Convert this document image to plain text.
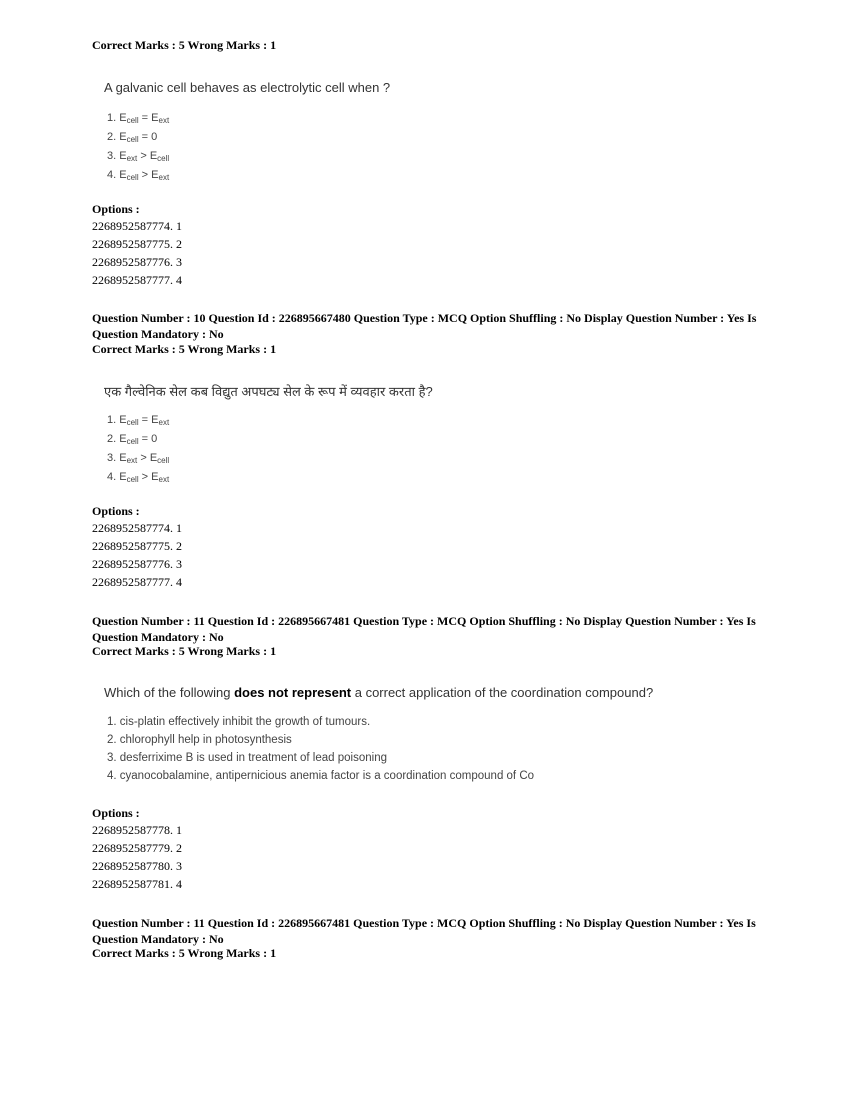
Correct Marks : 5 Wrong Marks : 1
A galvanic cell behaves as electrolytic cell when ?
1. $E_{cell} = E_{ext}$
2. $E_{cell} = 0$
3. $E_{ext} > E_{cell}$
4. $E_{cell} > E_{ext}$
Options :
2268952587774. 1
2268952587775. 2
2268952587776. 3
2268952587777. 4
Question Number : 10 Question Id : 226895667480 Question Type : MCQ Option Shuffling : No Display Question Number : Yes Is Question Mandatory : No
Correct Marks : 5 Wrong Marks : 1
एक गैल्वेनिक सेल कब विद्युत अपघट्य सेल के रूप में व्यवहार करता है?
1. $E_{cell} = E_{ext}$
2. $E_{cell} = 0$
3. $E_{ext} > E_{cell}$
4. $E_{cell} > E_{ext}$
Options :
2268952587774. 1
2268952587775. 2
2268952587776. 3
2268952587777. 4
Question Number : 11 Question Id : 226895667481 Question Type : MCQ Option Shuffling : No Display Question Number : Yes Is Question Mandatory : No
Correct Marks : 5 Wrong Marks : 1
Which of the following does not represent a correct application of the coordination compound?
1. cis-platin effectively inhibit the growth of tumours.
2. chlorophyll help in photosynthesis
3. desferrixime B is used in treatment of lead poisoning
4. cyanocobalamine, antipernicious anemia factor is a coordination compound of Co
Options :
2268952587778. 1
2268952587779. 2
2268952587780. 3
2268952587781. 4
Question Number : 11 Question Id : 226895667481 Question Type : MCQ Option Shuffling : No Display Question Number : Yes Is Question Mandatory : No
Correct Marks : 5 Wrong Marks : 1
